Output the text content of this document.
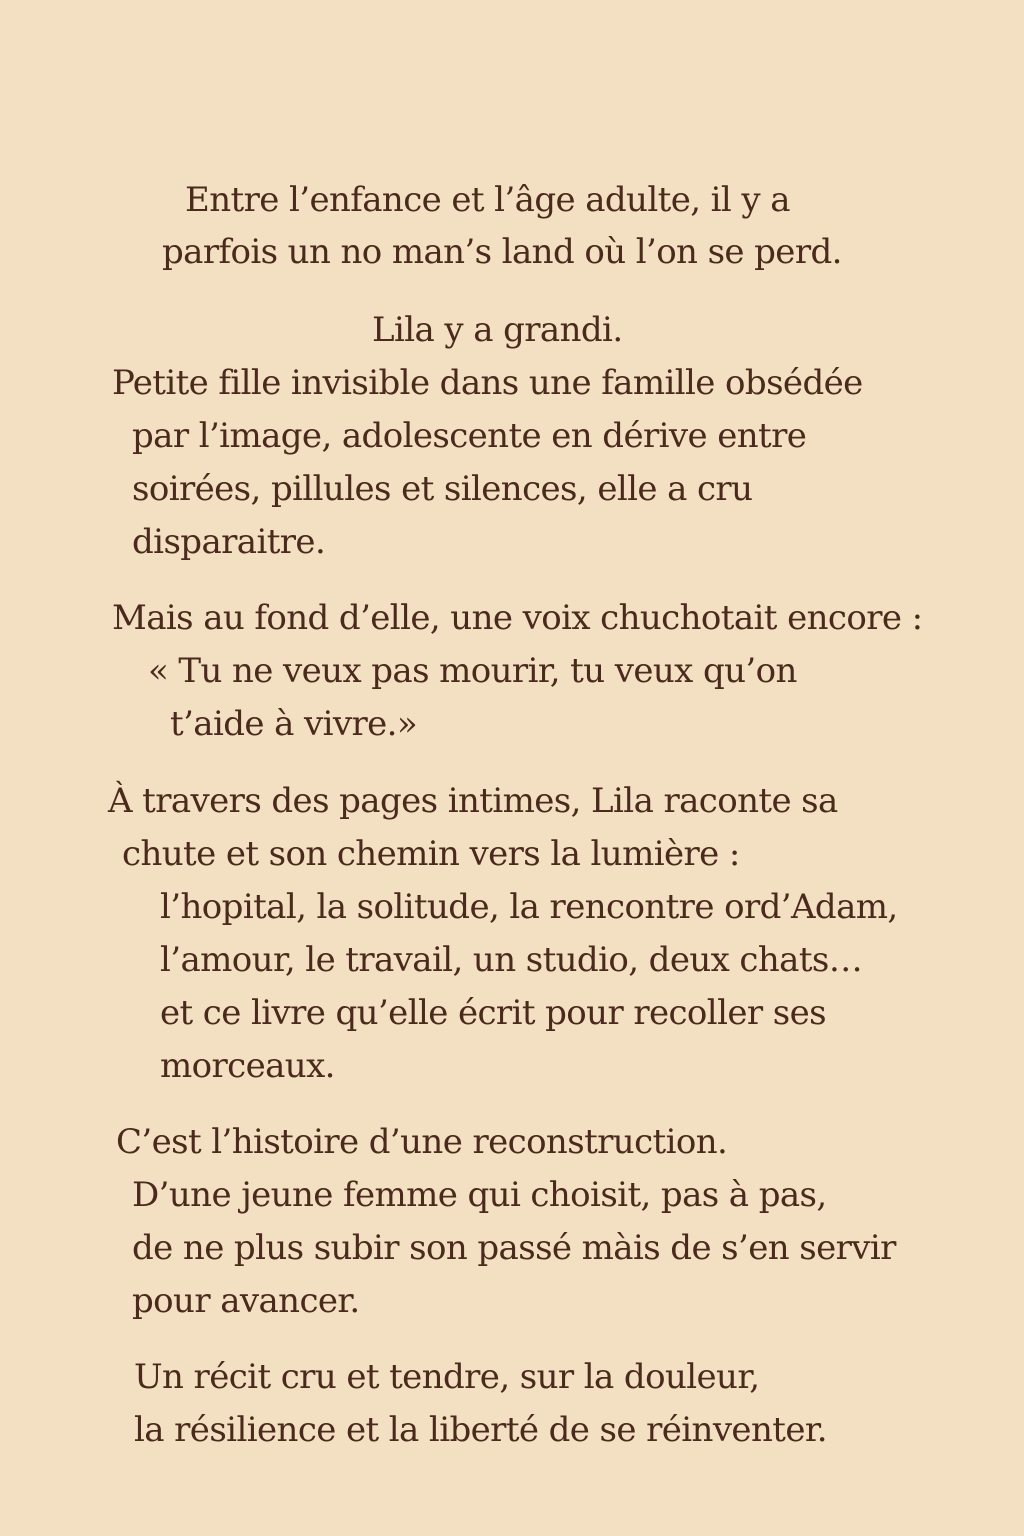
Entre l’enfance et l’âge adulte, il y a
parfois un no man’s land où l’on se perd.
Lila y a grandi.
Petite fille invisible dans une famille obsédée
par l’image, adolescente en dérive entre
soirées, pillules et silences, elle a cru
disparaitre.
Mais au fond d’elle, une voix chuchotait encore :
« Tu ne veux pas mourir, tu veux qu’on
t’aide à vivre.»
À travers des pages intimes, Lila raconte sa
chute et son chemin vers la lumière :
l’hopital, la solitude, la rencontre ord’Adam,
l’amour, le travail, un studio, deux chats…
et ce livre qu’elle écrit pour recoller ses
morceaux.
C’est l’histoire d’une reconstruction.
D’une jeune femme qui choisit, pas à pas,
de ne plus subir son passé màis de s’en servir
pour avancer.
Un récit cru et tendre, sur la douleur,
la résilience et la liberté de se réinventer.
